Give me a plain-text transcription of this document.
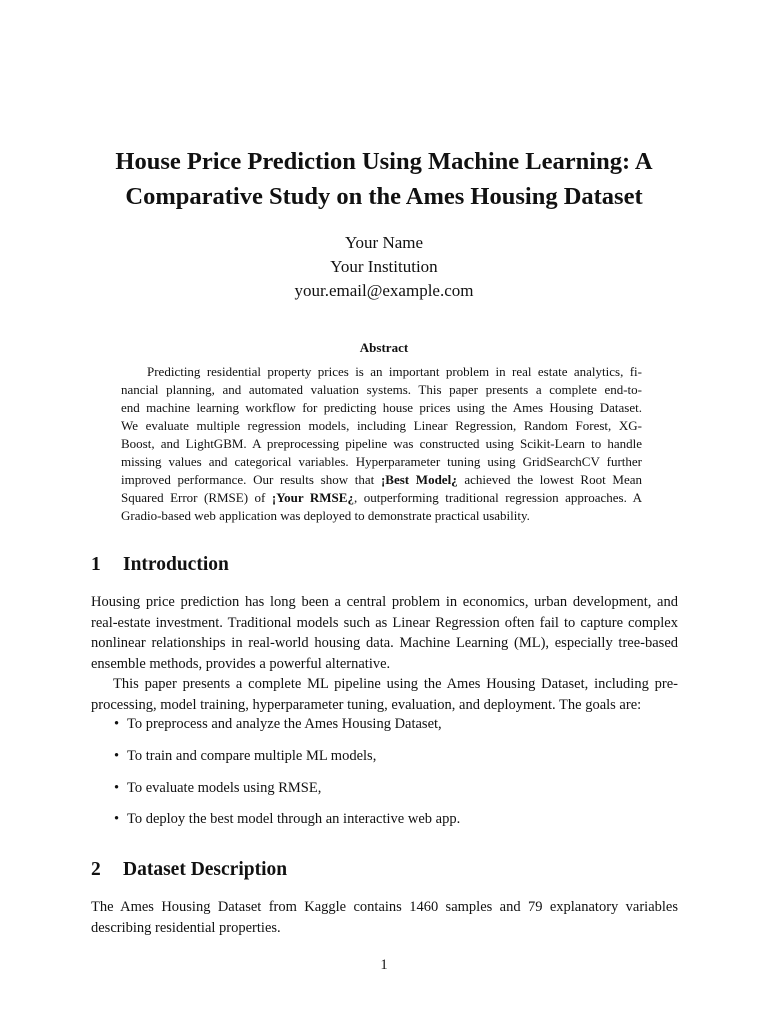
House Price Prediction Using Machine Learning: A
Comparative Study on the Ames Housing Dataset
Your Name
Your Institution
your.email@example.com
Abstract
Predicting residential property prices is an important problem in real estate analytics, fi-
nancial planning, and automated valuation systems. This paper presents a complete end-to-
end machine learning workflow for predicting house prices using the Ames Housing Dataset.
We evaluate multiple regression models, including Linear Regression, Random Forest, XG-
Boost, and LightGBM. A preprocessing pipeline was constructed using Scikit-Learn to handle
missing values and categorical variables. Hyperparameter tuning using GridSearchCV further
improved performance. Our results show that ¡Best Model¿ achieved the lowest Root Mean
Squared Error (RMSE) of ¡Your RMSE¿, outperforming traditional regression approaches. A
Gradio-based web application was deployed to demonstrate practical usability.
1 Introduction
Housing price prediction has long been a central problem in economics, urban development, and
real-estate investment. Traditional models such as Linear Regression often fail to capture complex
nonlinear relationships in real-world housing data. Machine Learning (ML), especially tree-based
ensemble methods, provides a powerful alternative.
This paper presents a complete ML pipeline using the Ames Housing Dataset, including pre-
processing, model training, hyperparameter tuning, evaluation, and deployment. The goals are:
• To preprocess and analyze the Ames Housing Dataset,
• To train and compare multiple ML models,
• To evaluate models using RMSE,
• To deploy the best model through an interactive web app.
2 Dataset Description
The Ames Housing Dataset from Kaggle contains 1460 samples and 79 explanatory variables
describing residential properties.
1
